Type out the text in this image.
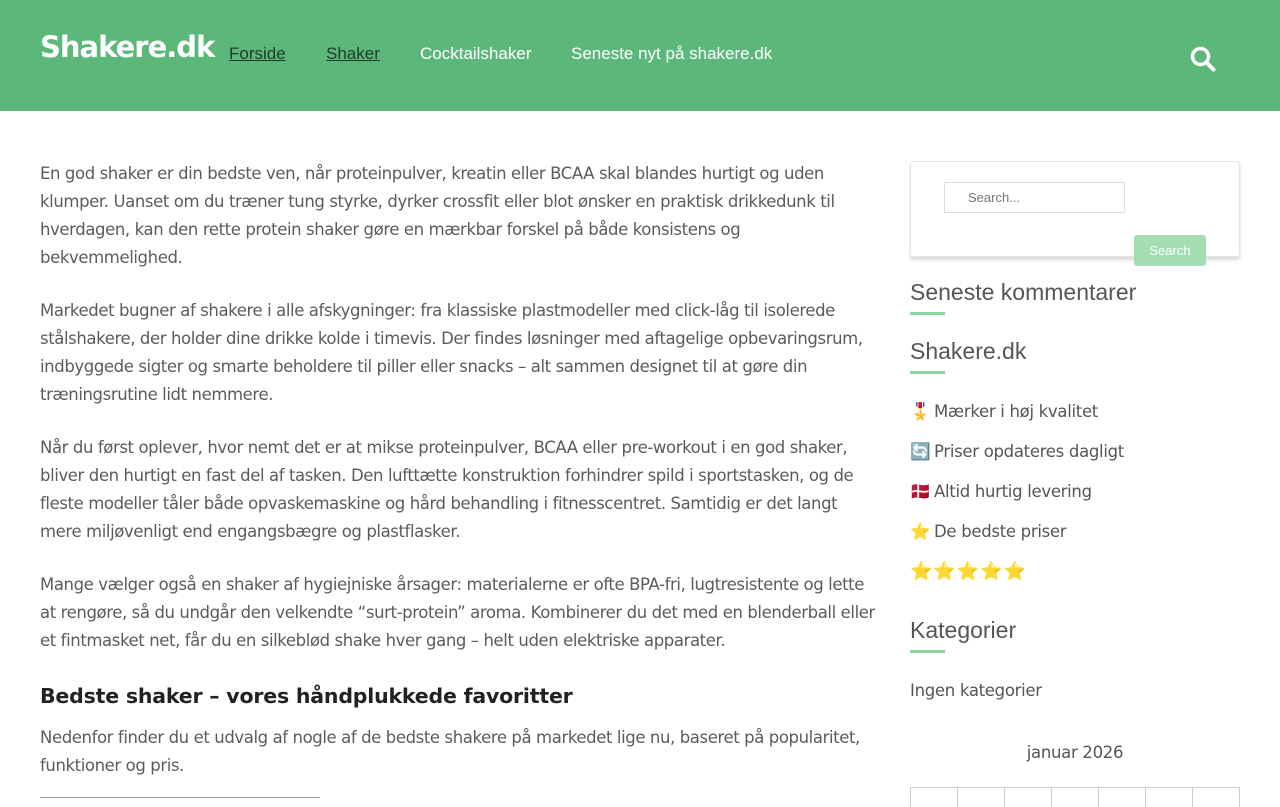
Shakere.dk Forside Shaker Cocktailshaker Seneste nyt på shakere.dk

En god shaker er din bedste ven, når proteinpulver, kreatin eller BCAA skal blandes hurtigt og uden klumper. Uanset om du træner tung styrke, dyrker crossfit eller blot ønsker en praktisk drikkedunk til hverdagen, kan den rette protein shaker gøre en mærkbar forskel på både konsistens og bekvemmelighed.

Markedet bugner af shakere i alle afskygninger: fra klassiske plastmodeller med click-låg til isolerede stålshakere, der holder dine drikke kolde i timevis. Der findes løsninger med aftagelige opbevaringsrum, indbyggede sigter og smarte beholdere til piller eller snacks – alt sammen designet til at gøre din træningsrutine lidt nemmere.

Når du først oplever, hvor nemt det er at mikse proteinpulver, BCAA eller pre-workout i en god shaker, bliver den hurtigt en fast del af tasken. Den lufttætte konstruktion forhindrer spild i sportstasken, og de fleste modeller tåler både opvaskemaskine og hård behandling i fitnesscentret. Samtidig er det langt mere miljøvenligt end engangsbægre og plastflasker.

Mange vælger også en shaker af hygiejniske årsager: materialerne er ofte BPA-fri, lugtresistente og lette at rengøre, så du undgår den velkendte “surt-protein” aroma. Kombinerer du det med en blenderball eller et fintmasket net, får du en silkeblød shake hver gang – helt uden elektriske apparater.

Bedste shaker – vores håndplukkede favoritter

Nedenfor finder du et udvalg af nogle af de bedste shakere på markedet lige nu, baseret på popularitet, funktioner og pris.

Search...
Search
Seneste kommentarer
Shakere.dk
🎖️ Mærker i høj kvalitet
🔄 Priser opdateres dagligt
🇩🇰 Altid hurtig levering
⭐ De bedste priser
⭐⭐⭐⭐⭐
Kategorier
Ingen kategorier
januar 2026
